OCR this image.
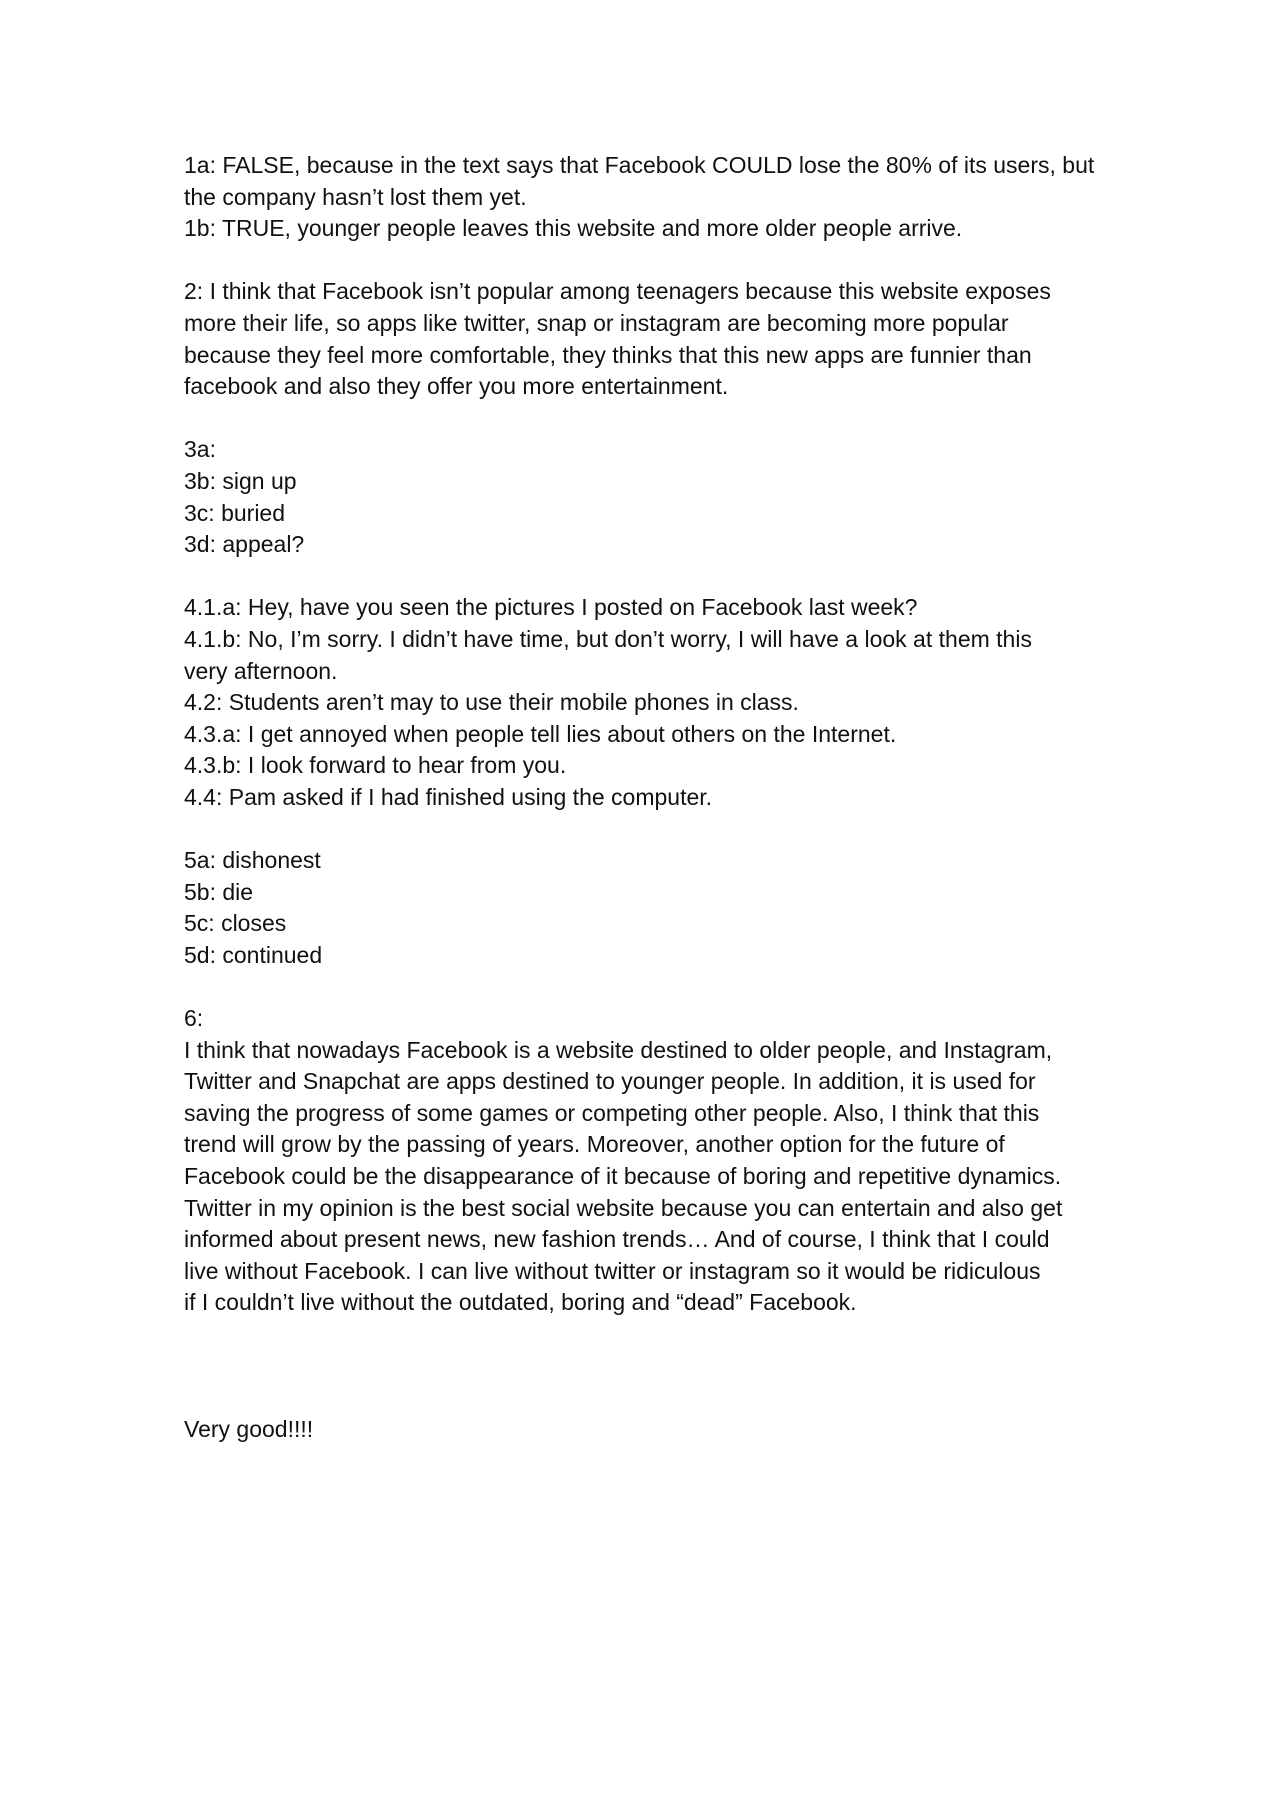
1a: FALSE, because in the text says that Facebook COULD lose the 80% of its users, but
the company hasn’t lost them yet.
1b: TRUE, younger people leaves this website and more older people arrive.
2: I think that Facebook isn’t popular among teenagers because this website exposes
more their life, so apps like twitter, snap or instagram are becoming more popular
because they feel more comfortable, they thinks that this new apps are funnier than
facebook and also they offer you more entertainment.
3a:
3b: sign up
3c: buried
3d: appeal?
4.1.a: Hey, have you seen the pictures I posted on Facebook last week?
4.1.b: No, I’m sorry. I didn’t have time, but don’t worry, I will have a look at them this
very afternoon.
4.2: Students aren’t may to use their mobile phones in class.
4.3.a: I get annoyed when people tell lies about others on the Internet.
4.3.b: I look forward to hear from you.
4.4: Pam asked if I had finished using the computer.
5a: dishonest
5b: die
5c: closes
5d: continued
6:
I think that nowadays Facebook is a website destined to older people, and Instagram,
Twitter and Snapchat are apps destined to younger people. In addition, it is used for
saving the progress of some games or competing other people. Also, I think that this
trend will grow by the passing of years. Moreover, another option for the future of
Facebook could be the disappearance of it because of boring and repetitive dynamics.
Twitter in my opinion is the best social website because you can entertain and also get
informed about present news, new fashion trends… And of course, I think that I could
live without Facebook. I can live without twitter or instagram so it would be ridiculous
if I couldn’t live without the outdated, boring and “dead” Facebook.
Very good!!!!
